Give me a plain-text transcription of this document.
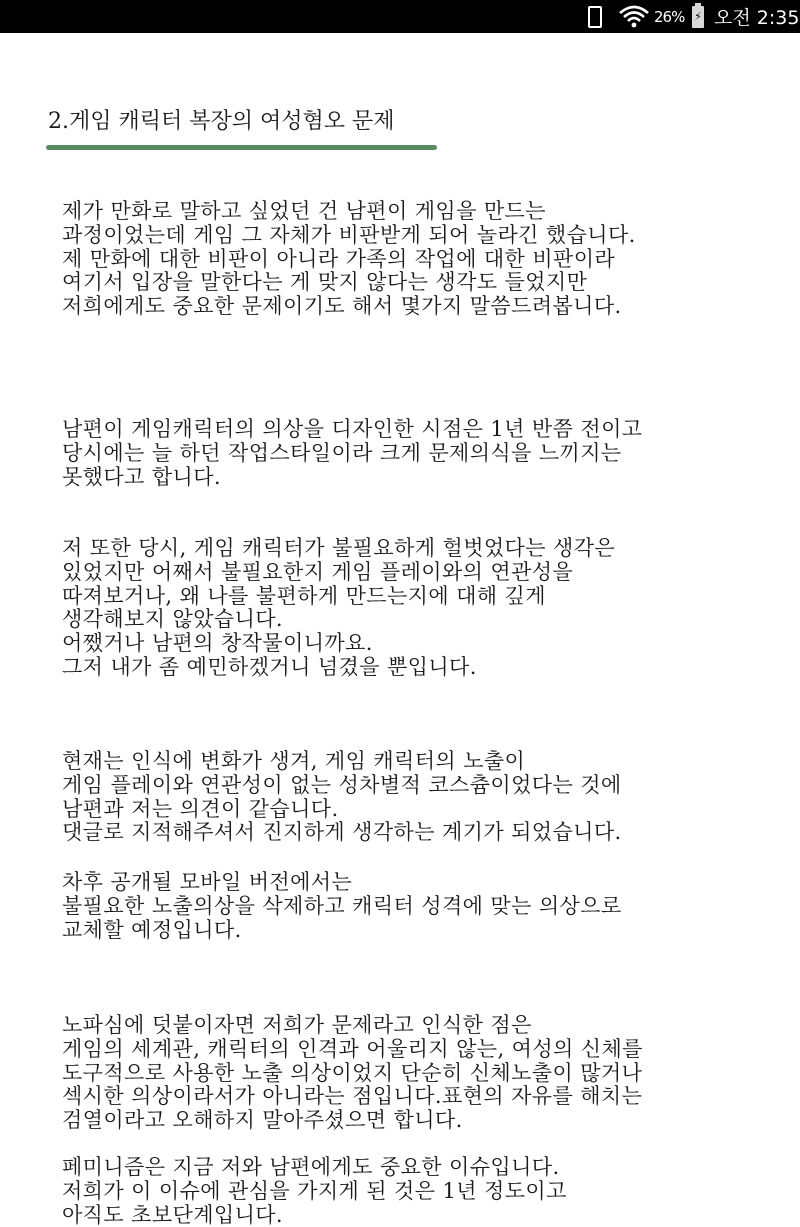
26% ⚡ 오전 2:35
2.게임 캐릭터 복장의 여성혐오 문제

제가 만화로 말하고 싶었던 건 남편이 게임을 만드는
과정이었는데 게임 그 자체가 비판받게 되어 놀라긴 했습니다.
제 만화에 대한 비판이 아니라 가족의 작업에 대한 비판이라
여기서 입장을 말한다는 게 맞지 않다는 생각도 들었지만
저희에게도 중요한 문제이기도 해서 몇가지 말씀드려봅니다.

남편이 게임캐릭터의 의상을 디자인한 시점은 1년 반쯤 전이고
당시에는 늘 하던 작업스타일이라 크게 문제의식을 느끼지는
못했다고 합니다.

저 또한 당시, 게임 캐릭터가 불필요하게 헐벗었다는 생각은
있었지만 어째서 불필요한지 게임 플레이와의 연관성을
따져보거나, 왜 나를 불편하게 만드는지에 대해 깊게
생각해보지 않았습니다.
어쨌거나 남편의 창작물이니까요.
그저 내가 좀 예민하겠거니 넘겼을 뿐입니다.

현재는 인식에 변화가 생겨, 게임 캐릭터의 노출이
게임 플레이와 연관성이 없는 성차별적 코스츔이었다는 것에
남편과 저는 의견이 같습니다.
댓글로 지적해주셔서 진지하게 생각하는 계기가 되었습니다.

차후 공개될 모바일 버전에서는
불필요한 노출의상을 삭제하고 캐릭터 성격에 맞는 의상으로
교체할 예정입니다.

노파심에 덧붙이자면 저희가 문제라고 인식한 점은
게임의 세계관, 캐릭터의 인격과 어울리지 않는, 여성의 신체를
도구적으로 사용한 노출 의상이었지 단순히 신체노출이 많거나
섹시한 의상이라서가 아니라는 점입니다.표현의 자유를 해치는
검열이라고 오해하지 말아주셨으면 합니다.

페미니즘은 지금 저와 남편에게도 중요한 이슈입니다.
저희가 이 이슈에 관심을 가지게 된 것은 1년 정도이고
아직도 초보단계입니다.
